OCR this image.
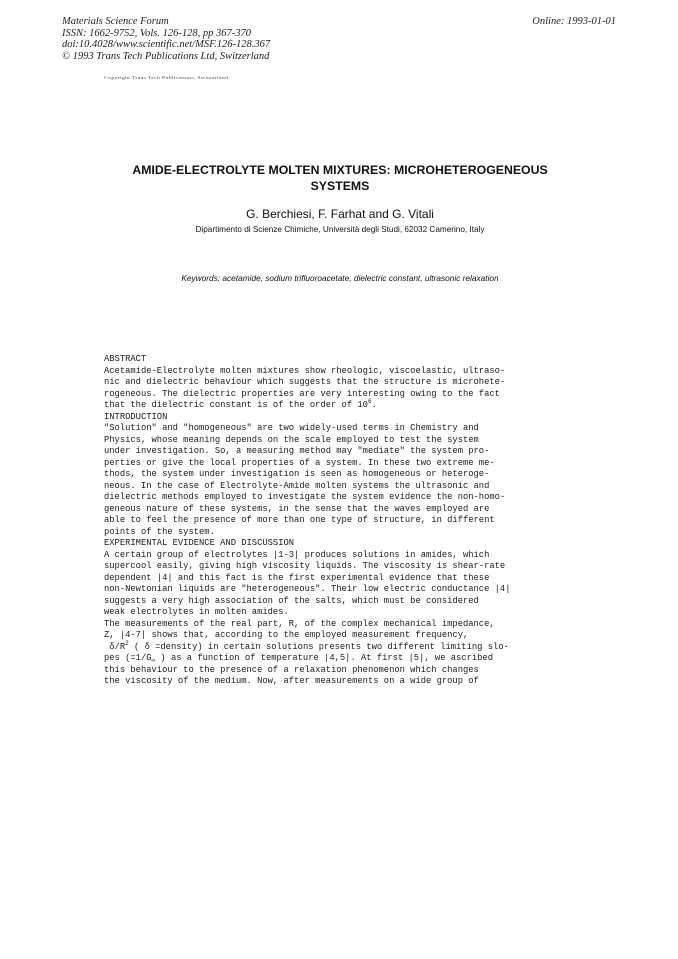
Materials Science Forum
ISSN: 1662-9752, Vols. 126-128, pp 367-370
doi:10.4028/www.scientific.net/MSF.126-128.367
© 1993 Trans Tech Publications Ltd, Switzerland
Online: 1993-01-01
Copyright Trans Tech Publications, Switzerland
AMIDE-ELECTROLYTE MOLTEN MIXTURES: MICROHETEROGENEOUS
SYSTEMS
G. Berchiesi, F. Farhat and G. Vitali
Dipartimento di Scienze Chimiche, Università degli Studi, 62032 Camerino, Italy
Keywords: acetamide, sodium trifluoroacetate, dielectric constant, ultrasonic relaxation
ABSTRACT
Acetamide-Electrolyte molten mixtures show rheologic, viscoelastic, ultraso-
nic and dielectric behaviour which suggests that the structure is microhete-
rogeneous. The dielectric properties are very interesting owing to the fact
that the dielectric constant is of the order of $10^6$.
INTRODUCTION
"Solution" and "homogeneous" are two widely-used terms in Chemistry and
Physics, whose meaning depends on the scale employed to test the system
under investigation. So, a measuring method may "mediate" the system pro-
perties or give the local properties of a system. In these two extreme me-
thods, the system under investigation is seen as homogeneous or heteroge-
neous. In the case of Electrolyte-Amide molten systems the ultrasonic and
dielectric methods employed to investigate the system evidence the non-homo-
geneous nature of these systems, in the sense that the waves employed are
able to feel the presence of more than one type of structure, in different
points of the system.
EXPERIMENTAL EVIDENCE AND DISCUSSION
A certain group of electrolytes |1-3| produces solutions in amides, which
supercool easily, giving high viscosity liquids. The viscosity is shear-rate
dependent |4| and this fact is the first experimental evidence that these
non-Newtonian liquids are "heterogeneous". Their low electric conductance |4|
suggests a very high association of the salts, which must be considered
weak electrolytes in molten amides.
The measurements of the real part, R, of the complex mechanical impedance,
Z, |4-7| shows that, according to the employed measurement frequency,
$\delta/R^2$ ( δ =density) in certain solutions presents two different limiting slo-
pes ($=1/G_\infty$ ) as a function of temperature |4,5|. At first |5|, we ascribed
this behaviour to the presence of a relaxation phenomenon which changes
the viscosity of the medium. Now, after measurements on a wide group of
